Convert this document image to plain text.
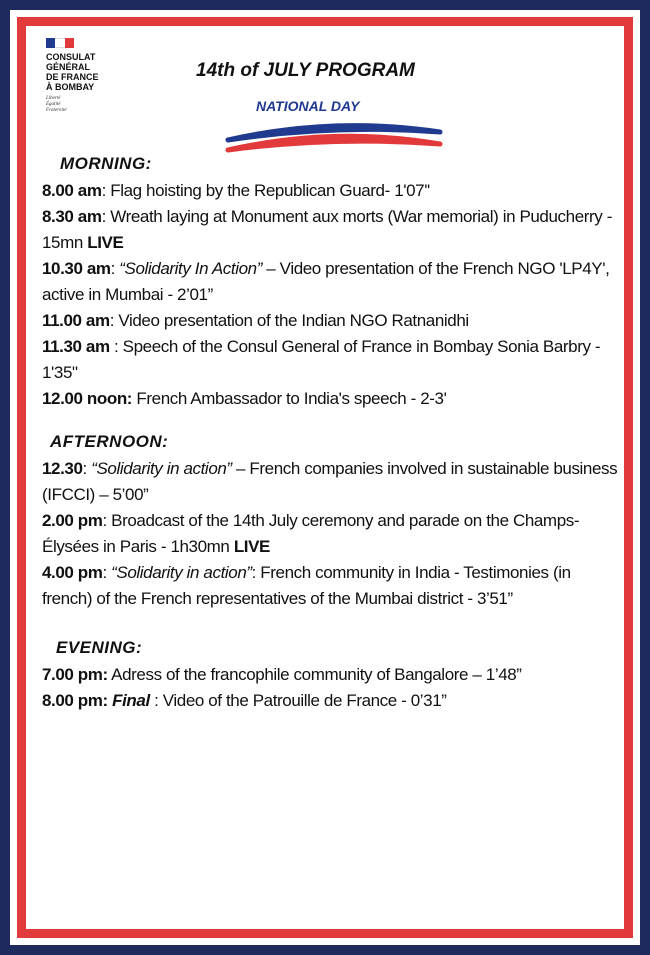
CONSULAT
GÉNÉRAL
DE FRANCE
À BOMBAY
Liberté
Égalité
Fraternité
14th of JULY PROGRAM
NATIONAL DAY

MORNING:

8.00 am: Flag hoisting by the Republican Guard- 1'07''

8.30 am: Wreath laying at Monument aux morts (War memorial) in Puducherry - 15mn LIVE

10.30 am: “Solidarity In Action” – Video presentation of the French NGO 'LP4Y', active in Mumbai - 2’01”

11.00 am: Video presentation of the Indian NGO Ratnanidhi

11.30 am : Speech of the Consul General of France in Bombay Sonia Barbry - 1'35"

12.00 noon: French Ambassador to India's speech - 2-3'

AFTERNOON:

12.30: “Solidarity in action” – French companies involved in sustainable business (IFCCI) – 5’00”

2.00 pm: Broadcast of the 14th July ceremony and parade on the Champs-Élysées in Paris - 1h30mn LIVE

4.00 pm: “Solidarity in action”: French community in India - Testimonies (in french) of the French representatives of the Mumbai district - 3’51”

EVENING:

7.00 pm: Adress of the francophile community of Bangalore – 1’48”

8.00 pm: Final : Video of the Patrouille de France - 0’31”
